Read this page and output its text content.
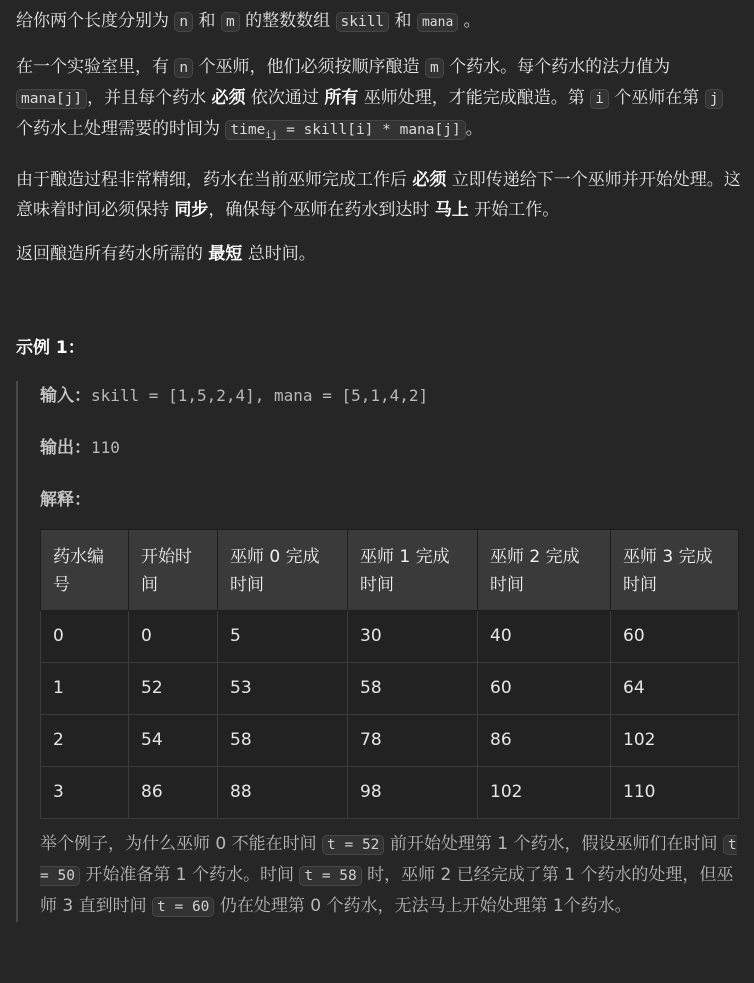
给你两个长度分别为 n 和 m 的整数数组 skill 和 mana 。

在一个实验室里，有 n 个巫师，他们必须按顺序酿造 m 个药水。每个药水的法力值为 mana[j] ，并且每个药水 必须 依次通过 所有 巫师处理，才能完成酿造。第 i 个巫师在第 j 个药水上处理需要的时间为 time$_{ij}$ = skill[i] * mana[j] 。

由于酿造过程非常精细，药水在当前巫师完成工作后 必须 立即传递给下一个巫师并开始处理。这意味着时间必须保持 同步，确保每个巫师在药水到达时 马上 开始工作。

返回酿造所有药水所需的 最短 总时间。

示例 1：
输入：skill = [1,5,2,4], mana = [5,1,4,2]
输出：110
解释：
药水编
号	开始时
间	巫师 0 完成
时间	巫师 1 完成
时间	巫师 2 完成
时间	巫师 3 完成
时间
0	0	5	30	40	60
1	52	53	58	60	64
2	54	58	78	86	102
3	86	88	98	102	110

举个例子，为什么巫师 0 不能在时间 t = 52 前开始处理第 1 个药水，假设巫师们在时间 t = 50 开始准备第 1 个药水。时间 t = 58 时，巫师 2 已经完成了第 1 个药水的处理，但巫师 3 直到时间 t = 60 仍在处理第 0 个药水，无法马上开始处理第 1个药水。
